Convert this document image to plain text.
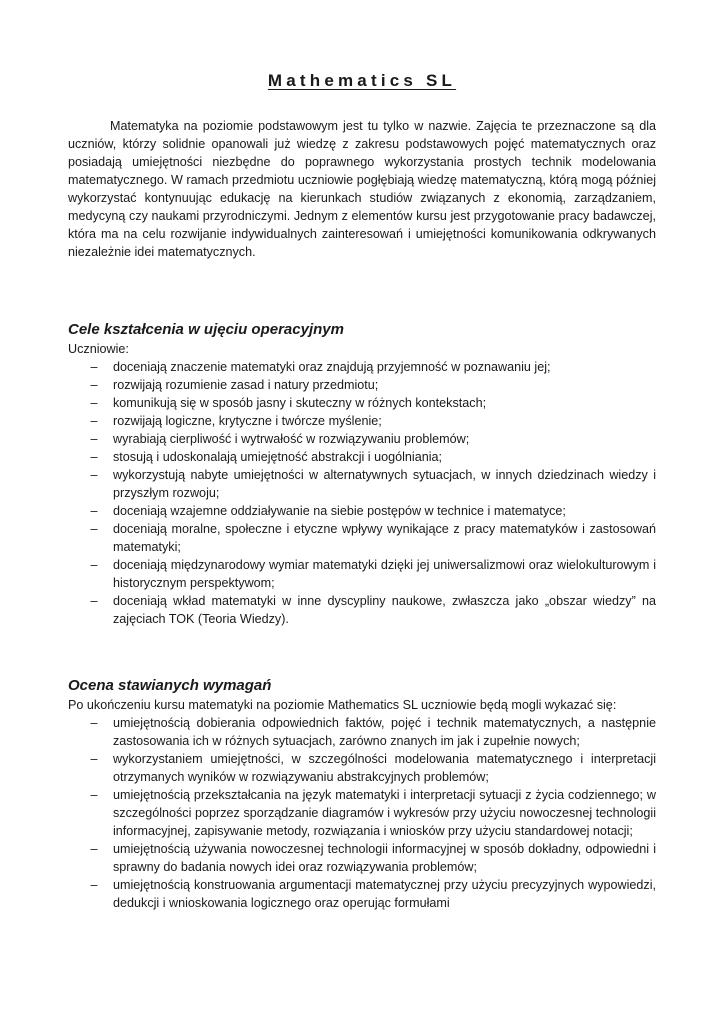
Mathematics SL

Matematyka na poziomie podstawowym jest tu tylko w nazwie. Zajęcia te przeznaczone są dla uczniów, którzy solidnie opanowali już wiedzę z zakresu podstawowych pojęć matematycznych oraz posiadają umiejętności niezbędne do poprawnego wykorzystania prostych technik modelowania matematycznego. W ramach przedmiotu uczniowie pogłębiają wiedzę matematyczną, którą mogą później wykorzystać kontynuując edukację na kierunkach studiów związanych z ekonomią, zarządzaniem, medycyną czy naukami przyrodniczymi. Jednym z elementów kursu jest przygotowanie pracy badawczej, która ma na celu rozwijanie indywidualnych zainteresowań i umiejętności komunikowania odkrywanych niezależnie idei matematycznych.

Cele kształcenia w ujęciu operacyjnym

Uczniowie:

– doceniają znaczenie matematyki oraz znajdują przyjemność w poznawaniu jej;
– rozwijają rozumienie zasad i natury przedmiotu;
– komunikują się w sposób jasny i skuteczny w różnych kontekstach;
– rozwijają logiczne, krytyczne i twórcze myślenie;
– wyrabiają cierpliwość i wytrwałość w rozwiązywaniu problemów;
– stosują i udoskonalają umiejętność abstrakcji i uogólniania;
– wykorzystują nabyte umiejętności w alternatywnych sytuacjach, w innych dziedzinach wiedzy i przyszłym rozwoju;
– doceniają wzajemne oddziaływanie na siebie postępów w technice i matematyce;
– doceniają moralne, społeczne i etyczne wpływy wynikające z pracy matematyków i zastosowań matematyki;
– doceniają międzynarodowy wymiar matematyki dzięki jej uniwersalizmowi oraz wielokulturowym i historycznym perspektywom;
– doceniają wkład matematyki w inne dyscypliny naukowe, zwłaszcza jako „obszar wiedzy” na zajęciach TOK (Teoria Wiedzy).
Ocena stawianych wymagań

Po ukończeniu kursu matematyki na poziomie Mathematics SL uczniowie będą mogli wykazać się:

– umiejętnością dobierania odpowiednich faktów, pojęć i technik matematycznych, a następnie zastosowania ich w różnych sytuacjach, zarówno znanych im jak i zupełnie nowych;
– wykorzystaniem umiejętności, w szczególności modelowania matematycznego i interpretacji otrzymanych wyników w rozwiązywaniu abstrakcyjnych problemów;
– umiejętnością przekształcania na język matematyki i interpretacji sytuacji z życia codziennego; w szczególności poprzez sporządzanie diagramów i wykresów przy użyciu nowoczesnej technologii informacyjnej, zapisywanie metody, rozwiązania i wniosków przy użyciu standardowej notacji;
– umiejętnością używania nowoczesnej technologii informacyjnej w sposób dokładny, odpowiedni i sprawny do badania nowych idei oraz rozwiązywania problemów;
– umiejętnością konstruowania argumentacji matematycznej przy użyciu precyzyjnych wypowiedzi, dedukcji i wnioskowania logicznego oraz operując formułami
